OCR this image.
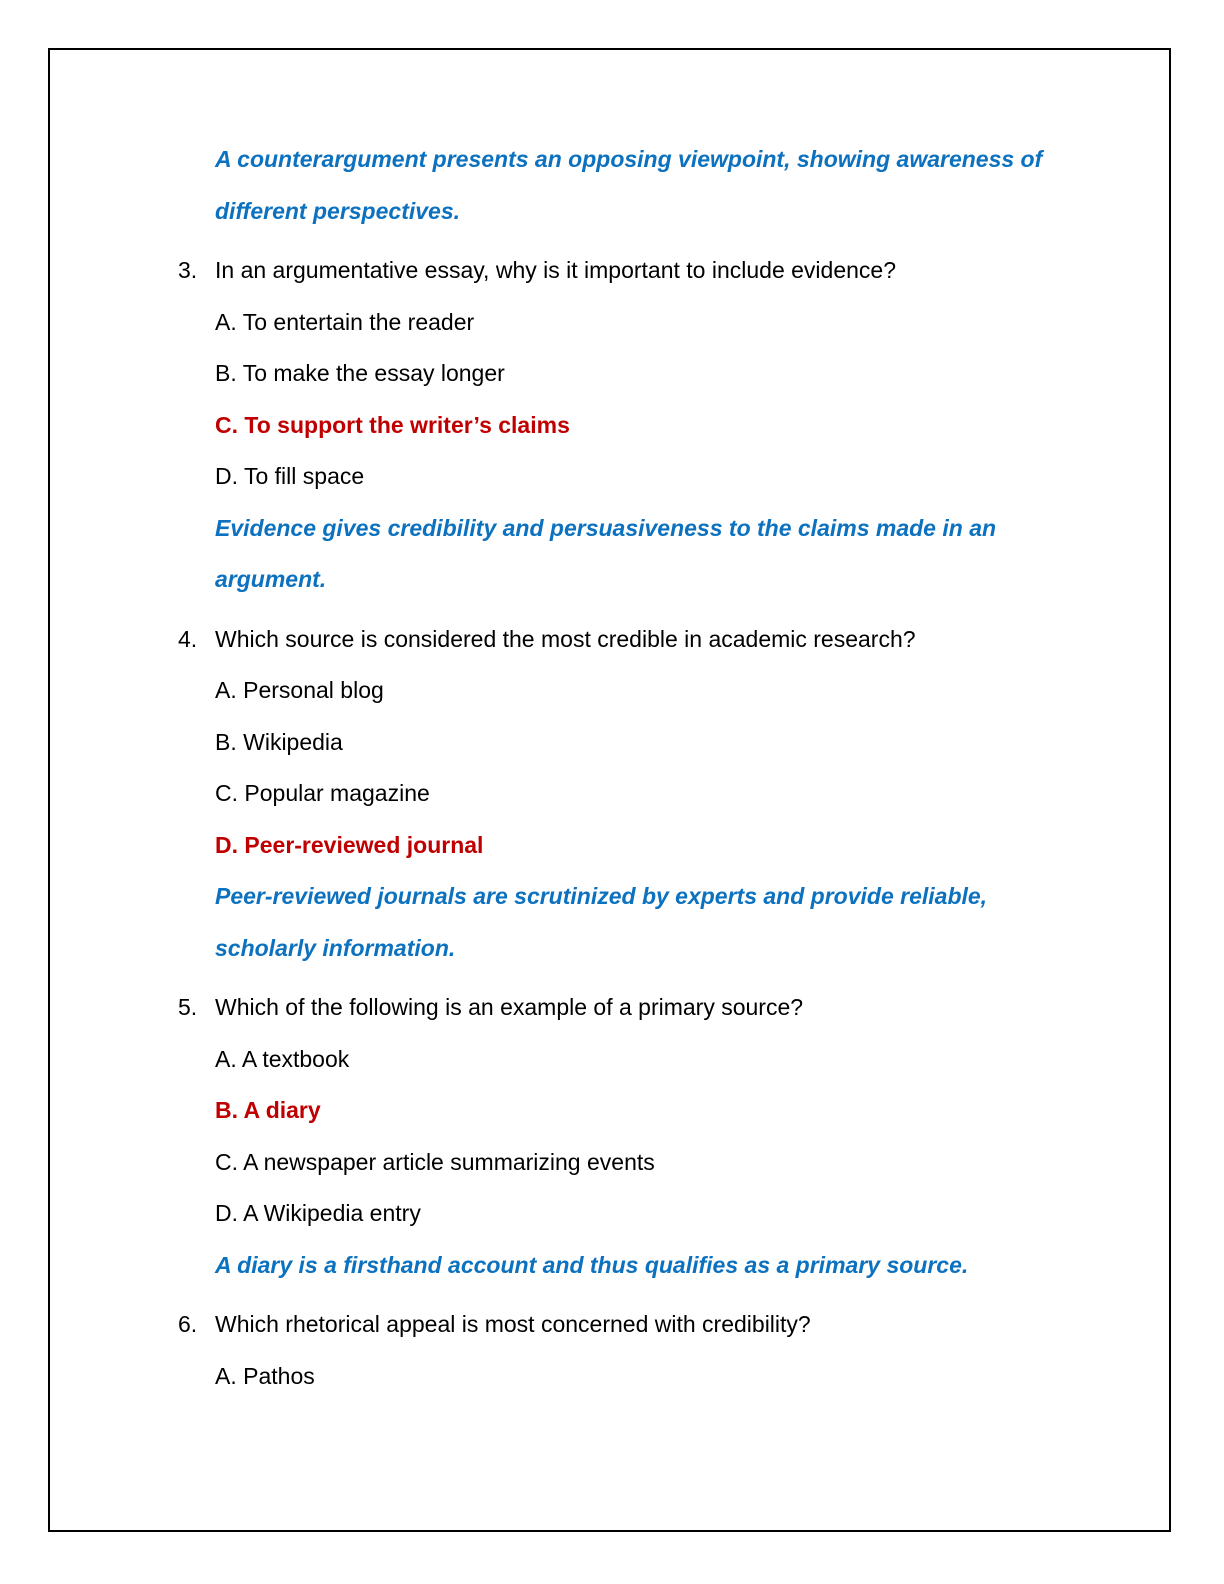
A counterargument presents an opposing viewpoint, showing awareness of different perspectives.
3. In an argumentative essay, why is it important to include evidence?
A. To entertain the reader
B. To make the essay longer
C. To support the writer’s claims
D. To fill space
Evidence gives credibility and persuasiveness to the claims made in an argument.
4. Which source is considered the most credible in academic research?
A. Personal blog
B. Wikipedia
C. Popular magazine
D. Peer-reviewed journal
Peer-reviewed journals are scrutinized by experts and provide reliable, scholarly information.
5. Which of the following is an example of a primary source?
A. A textbook
B. A diary
C. A newspaper article summarizing events
D. A Wikipedia entry
A diary is a firsthand account and thus qualifies as a primary source.
6. Which rhetorical appeal is most concerned with credibility?
A. Pathos
